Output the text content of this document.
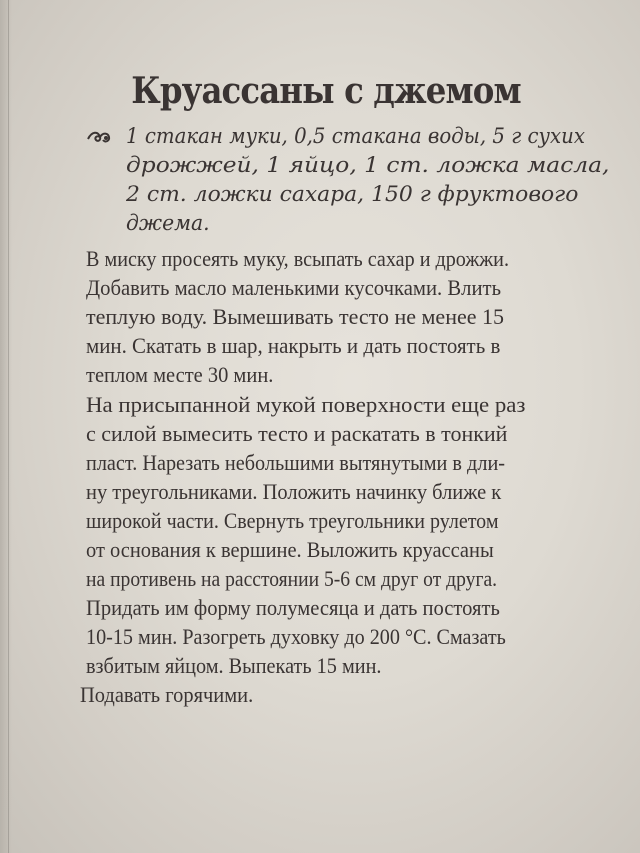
Круассаны с джемом
1 стакан муки, 0,5 стакана воды, 5 г сухих
дрожжей, 1 яйцо, 1 ст. ложка масла,
2 ст. ложки сахара, 150 г фруктового
джема.
В миску просеять муку, всыпать сахар и дрожжи.
Добавить масло маленькими кусочками. Влить
теплую воду. Вымешивать тесто не менее 15
мин. Скатать в шар, накрыть и дать постоять в
теплом месте 30 мин.
На присыпанной мукой поверхности еще раз
с силой вымесить тесто и раскатать в тонкий
пласт. Нарезать небольшими вытянутыми в дли-
ну треугольниками. Положить начинку ближе к
широкой части. Свернуть треугольники рулетом
от основания к вершине. Выложить круассаны
на противень на расстоянии 5-6 см друг от друга.
Придать им форму полумесяца и дать постоять
10-15 мин. Разогреть духовку до 200 °С. Смазать
взбитым яйцом. Выпекать 15 мин.
Подавать горячими.
